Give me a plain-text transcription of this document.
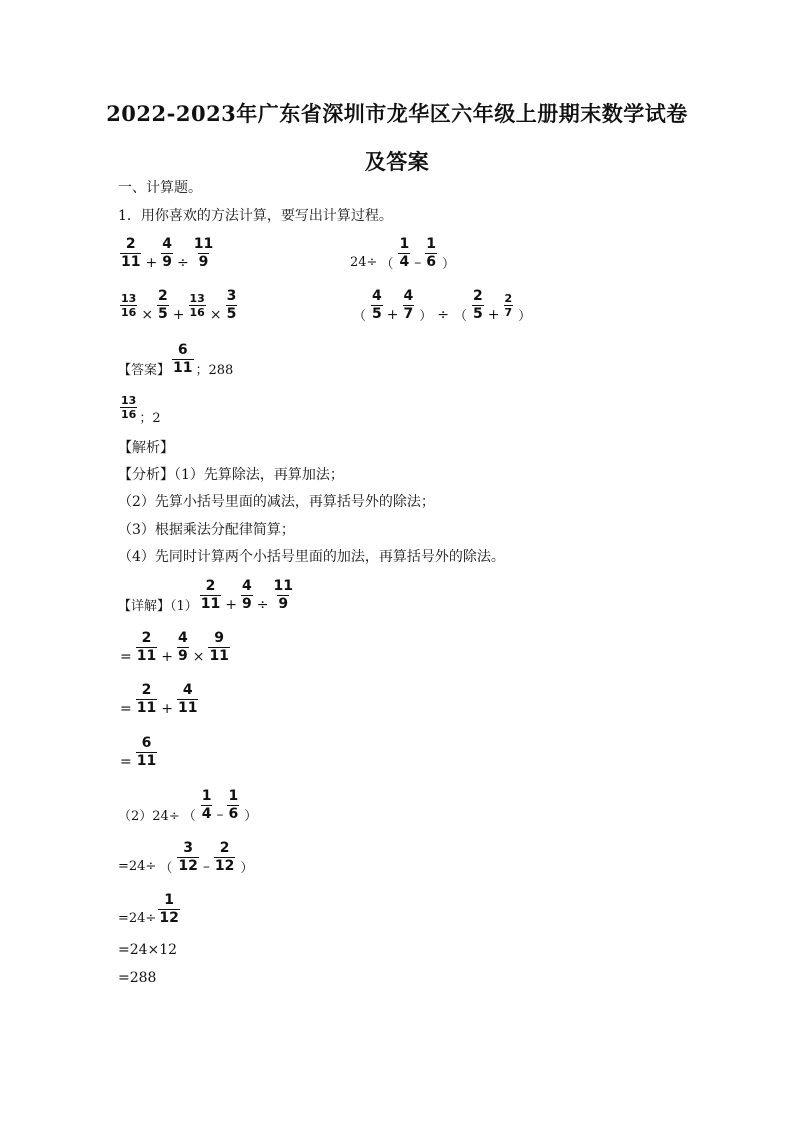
2022-2023年广东省深圳市龙华区六年级上册期末数学试卷
及答案
一、计算题。
1．用你喜欢的方法计算，要写出计算过程。
$\frac{2}{11} + \frac{4}{9} \div \frac{11}{9}$	24÷ （ $\frac{1}{4} - \frac{1}{6}$ ）
$\frac{13}{16} \times \frac{2}{5} + \frac{13}{16} \times \frac{3}{5}$	（ $\frac{4}{5} + \frac{4}{7}$ ） ÷ （ $\frac{2}{5} + \frac{2}{7}$ ）
【答案】 $\frac{6}{11}$ ；288
$\frac{13}{16}$ ；2
【解析】
【分析】（1）先算除法，再算加法；
（2）先算小括号里面的减法，再算括号外的除法；
（3）根据乘法分配律简算；
（4）先同时计算两个小括号里面的加法，再算括号外的除法。
【详解】$(1) \frac{2}{11} + \frac{4}{9} \div \frac{11}{9}$
= $\frac{2}{11} + \frac{4}{9} \times \frac{9}{11}$
= $\frac{2}{11} + \frac{4}{11}$
= $\frac{6}{11}$
（2）24÷ （ $\frac{1}{4} - \frac{1}{6}$ ）
=24÷ （ $\frac{3}{12} - \frac{2}{12}$ ）
$=24\div \frac{1}{12}$
=24×12
=288
